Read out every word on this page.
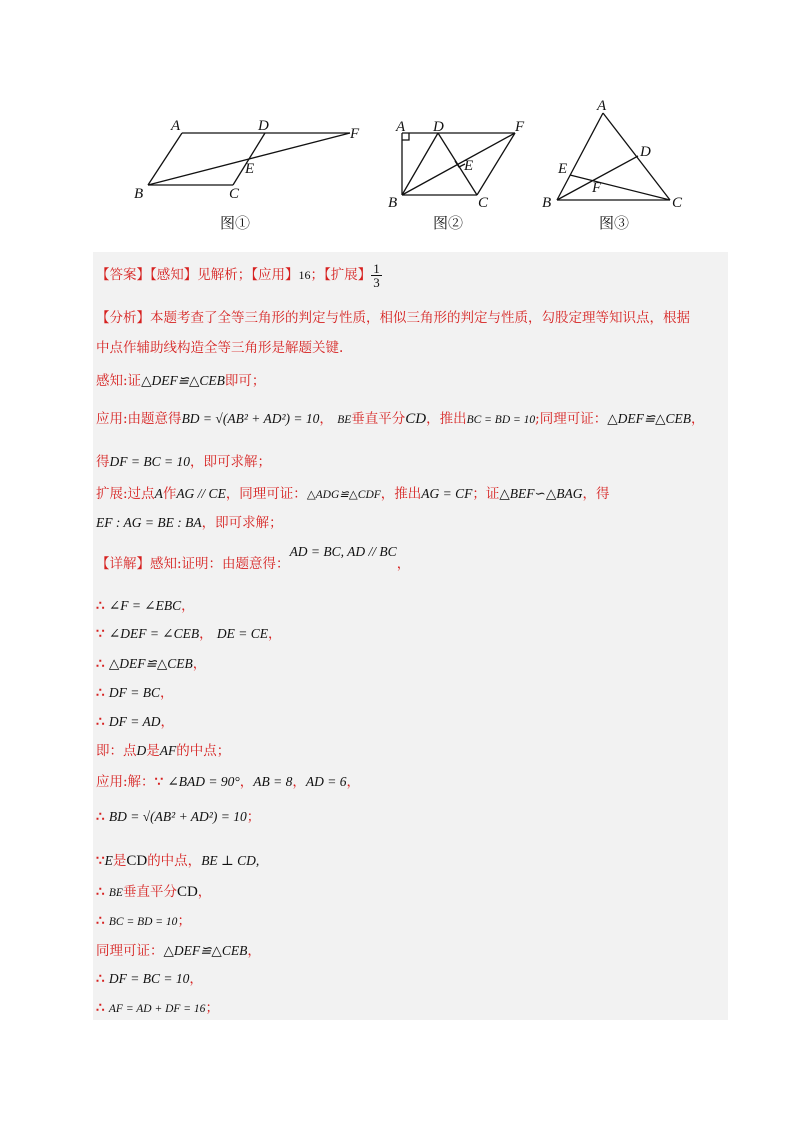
A	D	F
E
B	C
图①
A D	F
E
B	C
图②
A
D
E
F
B	C
图③
【答案】【感知】见解析；【应用】16；【扩展】 $\frac{1}{3}$
【分析】本题考查了全等三角形的判定与性质，相似三角形的判定与性质，勾股定理等知识点，根据
中点作辅助线构造全等三角形是解题关键.
感知:证△DEF≌△CEB即可；
应用:由题意得BD = √(AB² + AD²) = 10， BE垂直平分CD，推出BC = BD = 10;同理可证：△DEF≌△CEB，
得DF = BC = 10，即可求解；
扩展:过点A作AG // CE，同理可证：△ADG≌△CDF，推出AG = CF；证△BEF∽△BAG，得
EF : AG = BE : BA，即可求解；
【详解】感知:证明：由题意得：AD = BC, AD // BC，
∴ ∠F = ∠EBC，
∵ ∠DEF = ∠CEB， DE = CE，
∴ △DEF≌△CEB，
∴ DF = BC，
∴ DF = AD，
即：点D是AF的中点；
应用:解：∵ ∠BAD = 90°，AB = 8，AD = 6，
∴ BD = √(AB² + AD²) = 10；
∵E是CD的中点，BE ⊥ CD,
∴ BE垂直平分CD，
∴ BC = BD = 10；
同理可证：△DEF≌△CEB，
∴ DF = BC = 10，
∴ AF = AD + DF = 16；
